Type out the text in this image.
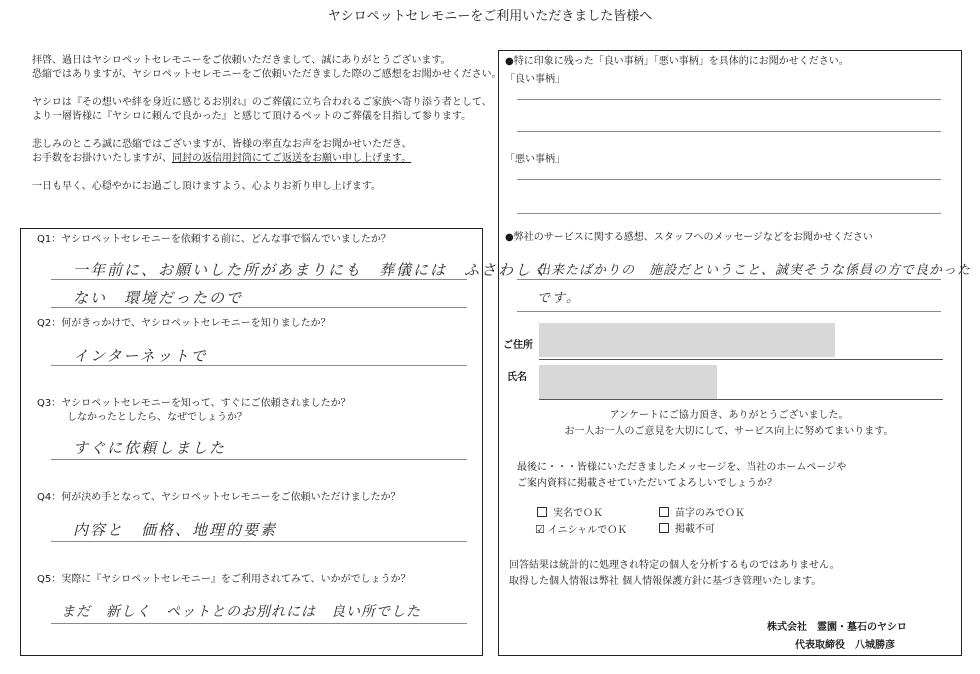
ヤシロペットセレモニーをご利用いただきました皆様へ

拝啓、過日はヤシロペットセレモニーをご依頼いただきまして、誠にありがとうございます。

恐縮ではありますが、ヤシロペットセレモニーをご依頼いただきました際のご感想をお聞かせください。

ヤシロは『その想いや絆を身近に感じるお別れ』のご葬儀に立ち合われるご家族へ寄り添う者として、

より一層皆様に『ヤシロに頼んで良かった』と感じて頂けるペットのご葬儀を目指して参ります。

悲しみのところ誠に恐縮ではございますが、皆様の率直なお声をお聞かせいただき、

お手数をお掛けいたしますが、同封の返信用封筒にてご返送をお願い申し上げます。

一日も早く、心穏やかにお過ごし頂けますよう、心よりお祈り申し上げます。

Q1：ヤシロペットセレモニーを依頼する前に、どんな事で悩んでいましたか？
一年前に、お願いした所があまりにも　葬儀には　ふさわしく
ない　環境だったので
Q2：何がきっかけで、ヤシロペットセレモニーを知りましたか？
インターネットで
Q3：ヤシロペットセレモニーを知って、すぐにご依頼されましたか？
しなかったとしたら、なぜでしょうか？
すぐに依頼しました
Q4：何が決め手となって、ヤシロペットセレモニーをご依頼いただけましたか？
内容と　価格、地理的要素
Q5：実際に『ヤシロペットセレモニー』をご利用されてみて、いかがでしょうか？
まだ　新しく　ペットとのお別れには　良い所でした
●特に印象に残った「良い事柄」「悪い事柄」を具体的にお聞かせください。
「良い事柄」
「悪い事柄」
●弊社のサービスに関する感想、スタッフへのメッセージなどをお聞かせください
出来たばかりの　施設だということ、誠実そうな係員の方で良かった
です。
ご住所
氏名
アンケートにご協力頂き、ありがとうございました。
お一人お一人のご意見を大切にして、サービス向上に努めてまいります。
最後に・・・皆様にいただきましたメッセージを、当社のホームページや
ご案内資料に掲載させていただいてよろしいでしょうか？
実名でＯＫ	苗字のみでＯＫ
☑ イニシャルでＯＫ	掲載不可
回答結果は統計的に処理され特定の個人を分析するものではありません。
取得した個人情報は弊社 個人情報保護方針に基づき管理いたします。
株式会社　霊園・墓石のヤシロ
代表取締役　八城勝彦
